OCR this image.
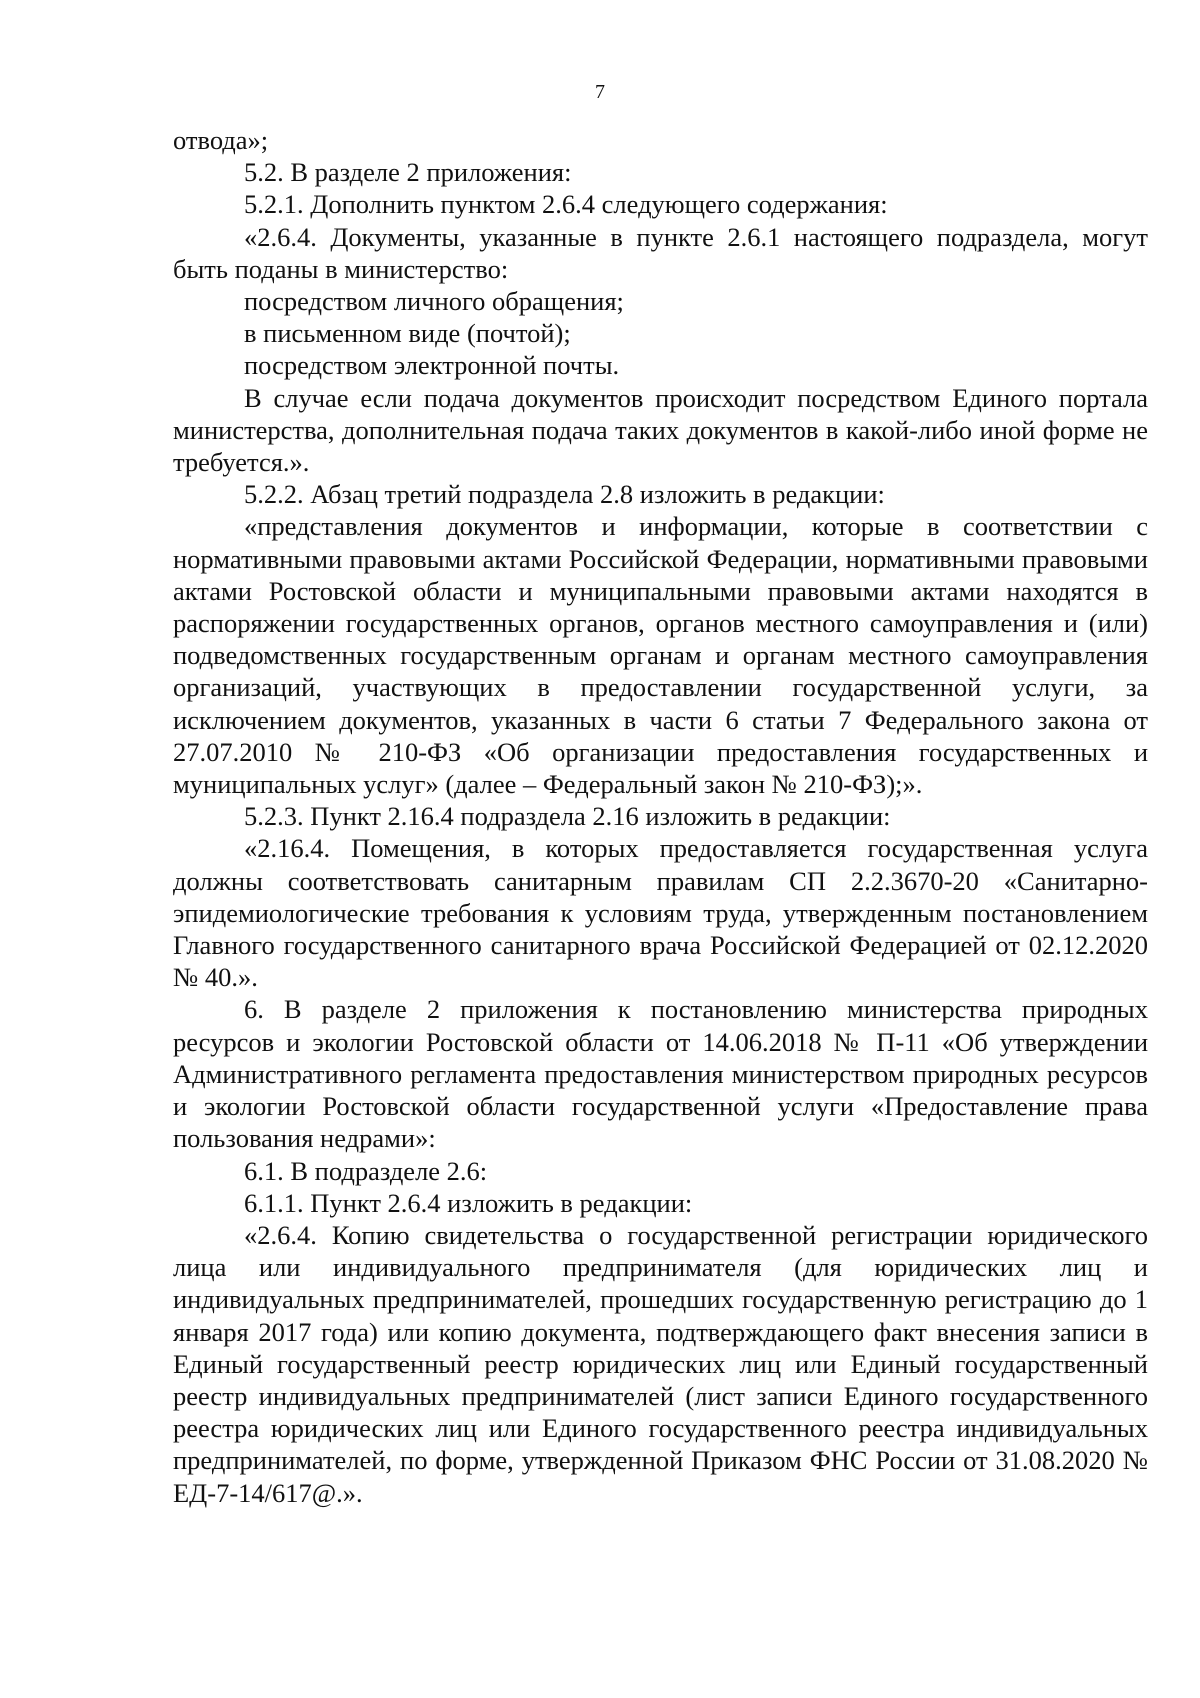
7

отвода»;

5.2. В разделе 2 приложения:

5.2.1. Дополнить пунктом 2.6.4 следующего содержания:

«2.6.4. Документы, указанные в пункте 2.6.1 настоящего подраздела, могут быть поданы в министерство:

посредством личного обращения;

в письменном виде (почтой);

посредством электронной почты.

В случае если подача документов происходит посредством Единого портала министерства, дополнительная подача таких документов в какой-либо иной форме не требуется.».

5.2.2. Абзац третий подраздела 2.8 изложить в редакции:

«представления документов и информации, которые в соответствии с нормативными правовыми актами Российской Федерации, нормативными правовыми актами Ростовской области и муниципальными правовыми актами находятся в распоряжении государственных органов, органов местного самоуправления и (или) подведомственных государственным органам и органам местного самоуправления организаций, участвующих в предоставлении государственной услуги, за исключением документов, указанных в части 6 статьи 7 Федерального закона от 27.07.2010 № 210-ФЗ «Об организации предоставления государственных и муниципальных услуг» (далее – Федеральный закон № 210-ФЗ);».

5.2.3. Пункт 2.16.4 подраздела 2.16 изложить в редакции:

«2.16.4. Помещения, в которых предоставляется государственная услуга должны соответствовать санитарным правилам СП 2.2.3670-20 «Санитарно-эпидемиологические требования к условиям труда, утвержденным постановлением Главного государственного санитарного врача Российской Федерацией от 02.12.2020 № 40.».

6. В разделе 2 приложения к постановлению министерства природных ресурсов и экологии Ростовской области от 14.06.2018 № П-11 «Об утверждении Административного регламента предоставления министерством природных ресурсов и экологии Ростовской области государственной услуги «Предоставление права пользования недрами»:

6.1. В подразделе 2.6:

6.1.1. Пункт 2.6.4 изложить в редакции:

«2.6.4. Копию свидетельства о государственной регистрации юридического лица или индивидуального предпринимателя (для юридических лиц и индивидуальных предпринимателей, прошедших государственную регистрацию до 1 января 2017 года) или копию документа, подтверждающего факт внесения записи в Единый государственный реестр юридических лиц или Единый государственный реестр индивидуальных предпринимателей (лист записи Единого государственного реестра юридических лиц или Единого государственного реестра индивидуальных предпринимателей, по форме, утвержденной Приказом ФНС России от 31.08.2020 № ЕД-7-14/617@.».
